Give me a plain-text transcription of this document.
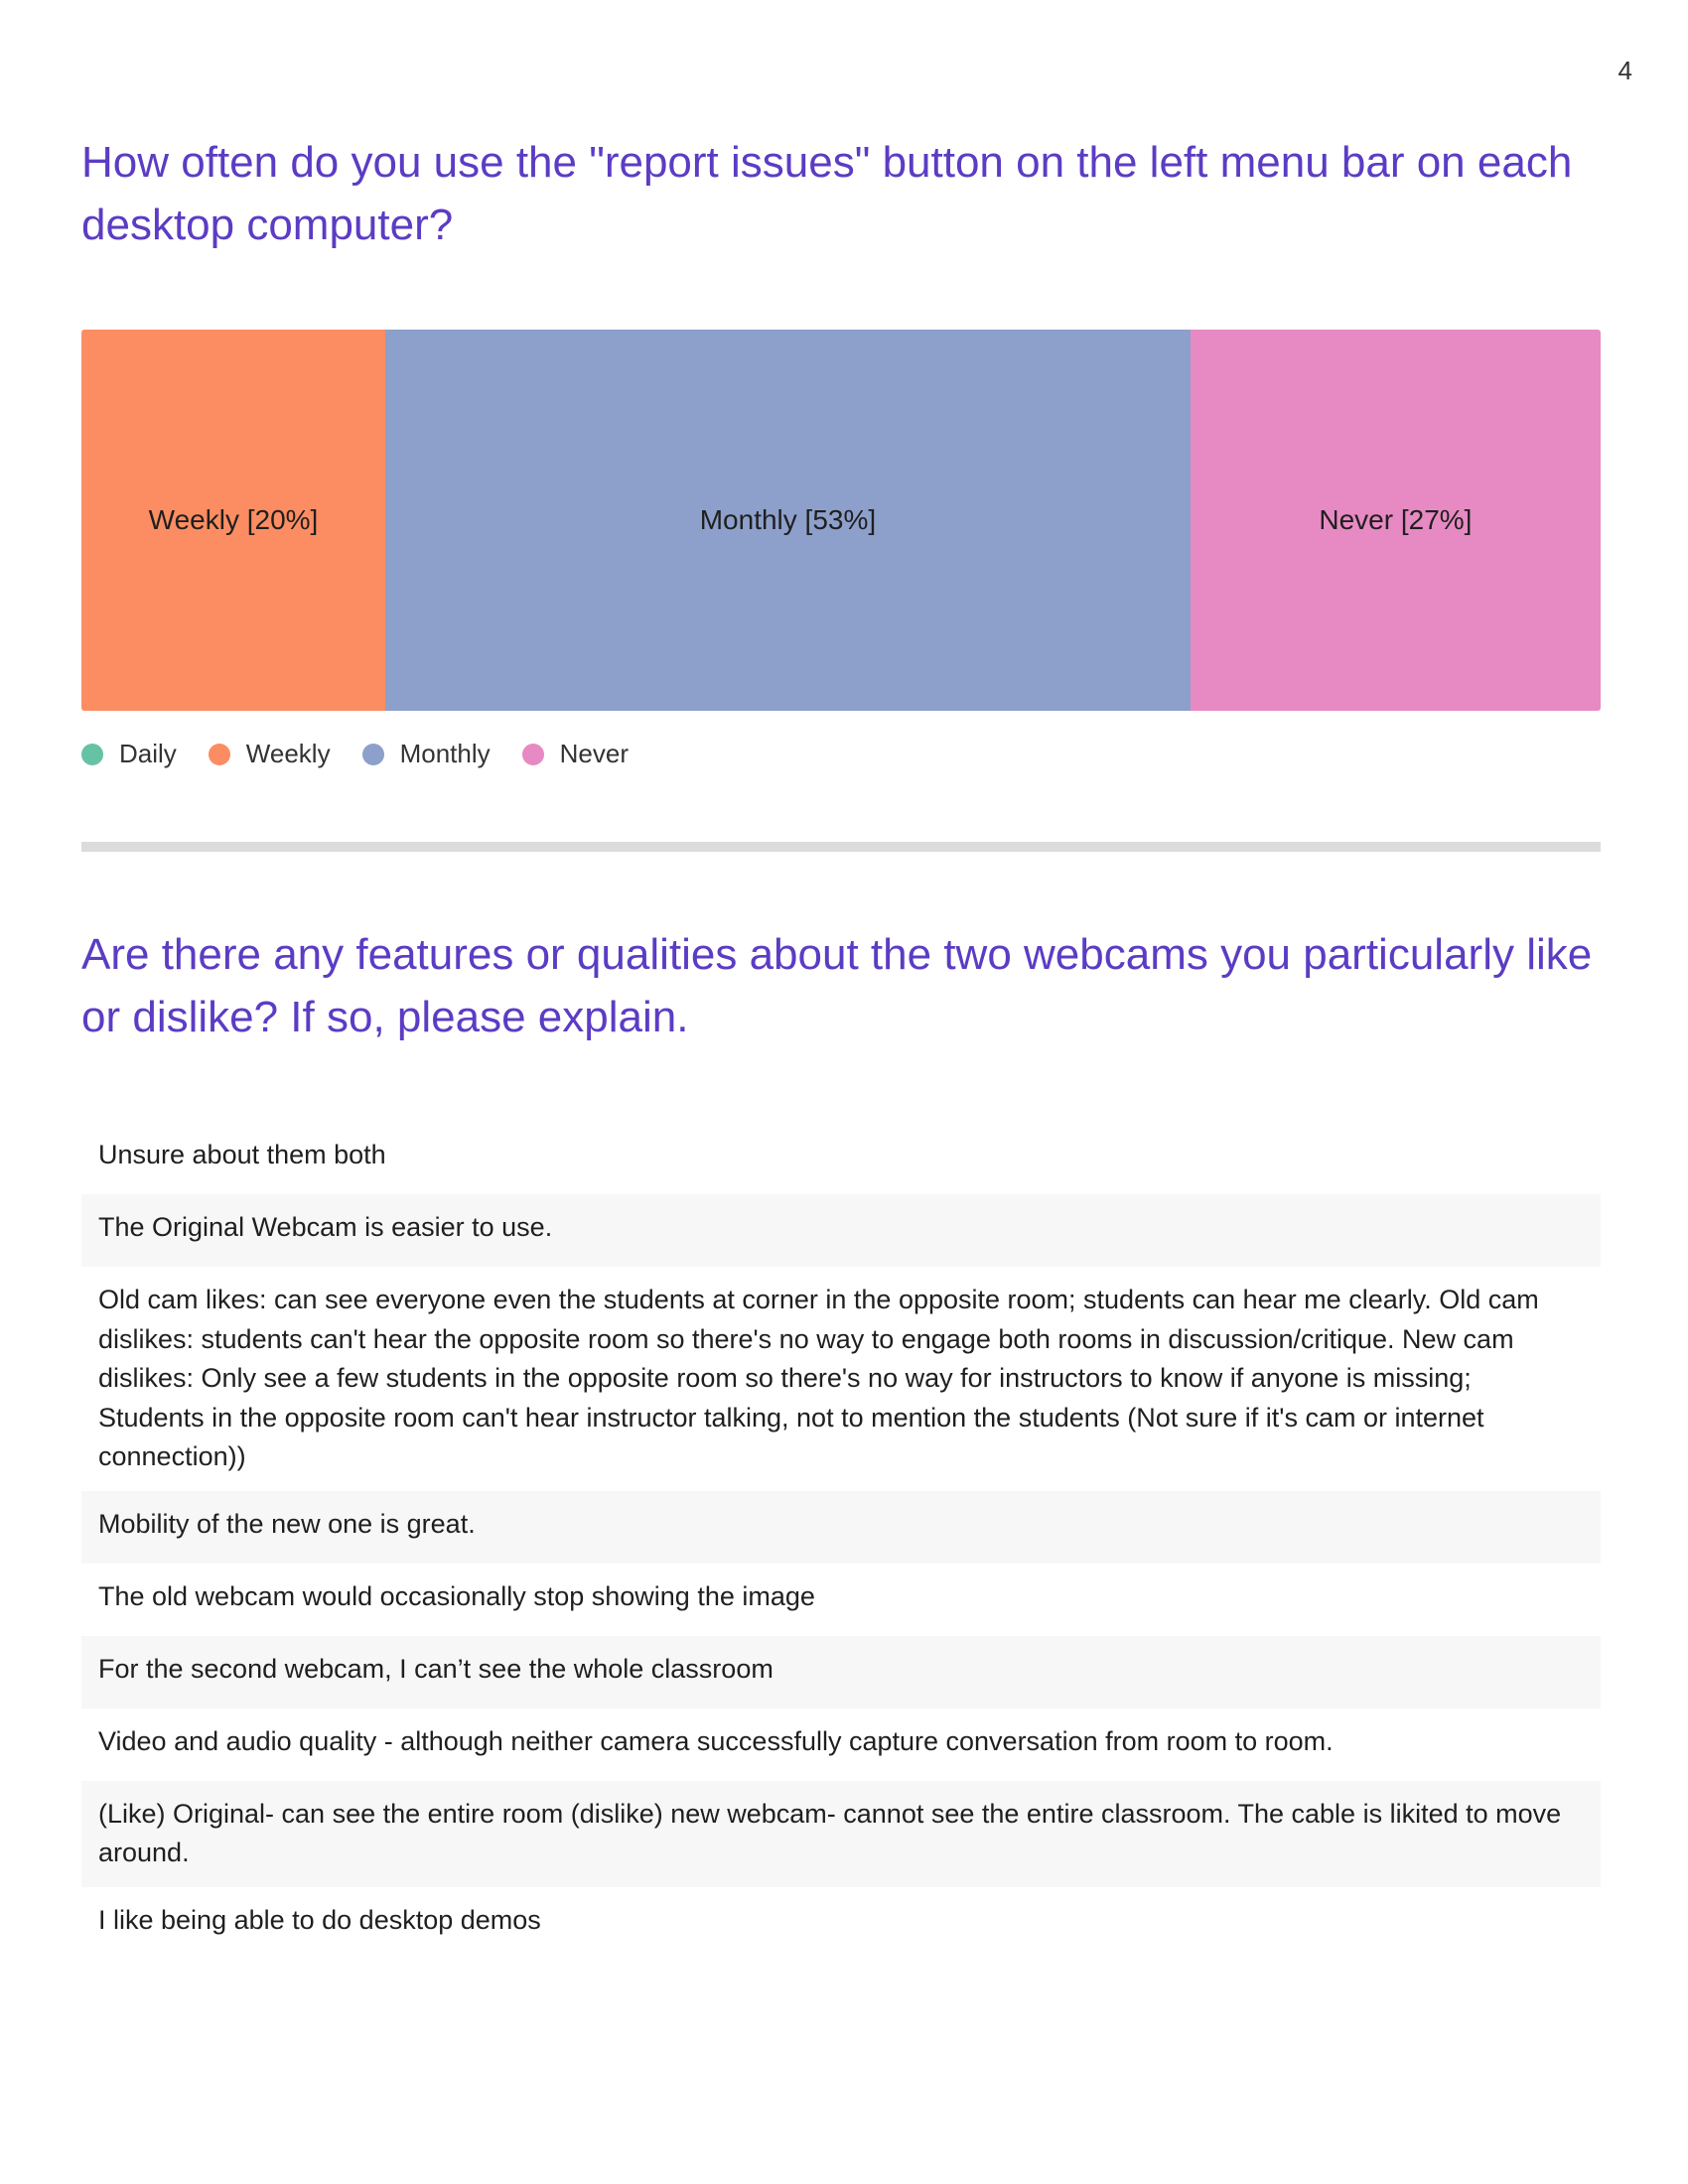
4
How often do you use the "report issues" button on the left menu bar on each desktop computer?
Weekly [20%]	Monthly [53%]	Never [27%]
Daily	Weekly	Monthly	Never
Are there any features or qualities about the two webcams you particularly like or dislike? If so, please explain.
Unsure about them both
The Original Webcam is easier to use.
Old cam likes: can see everyone even the students at corner in the opposite room; students can hear me clearly. Old cam dislikes: students can't hear the opposite room so there's no way to engage both rooms in discussion/critique. New cam dislikes: Only see a few students in the opposite room so there's no way for instructors to know if anyone is missing; Students in the opposite room can't hear instructor talking, not to mention the students (Not sure if it's cam or internet connection))
Mobility of the new one is great.
The old webcam would occasionally stop showing the image
For the second webcam, I can’t see the whole classroom
Video and audio quality - although neither camera successfully capture conversation from room to room.
(Like) Original- can see the entire room (dislike) new webcam- cannot see the entire classroom. The cable is likited to move around.
I like being able to do desktop demos
